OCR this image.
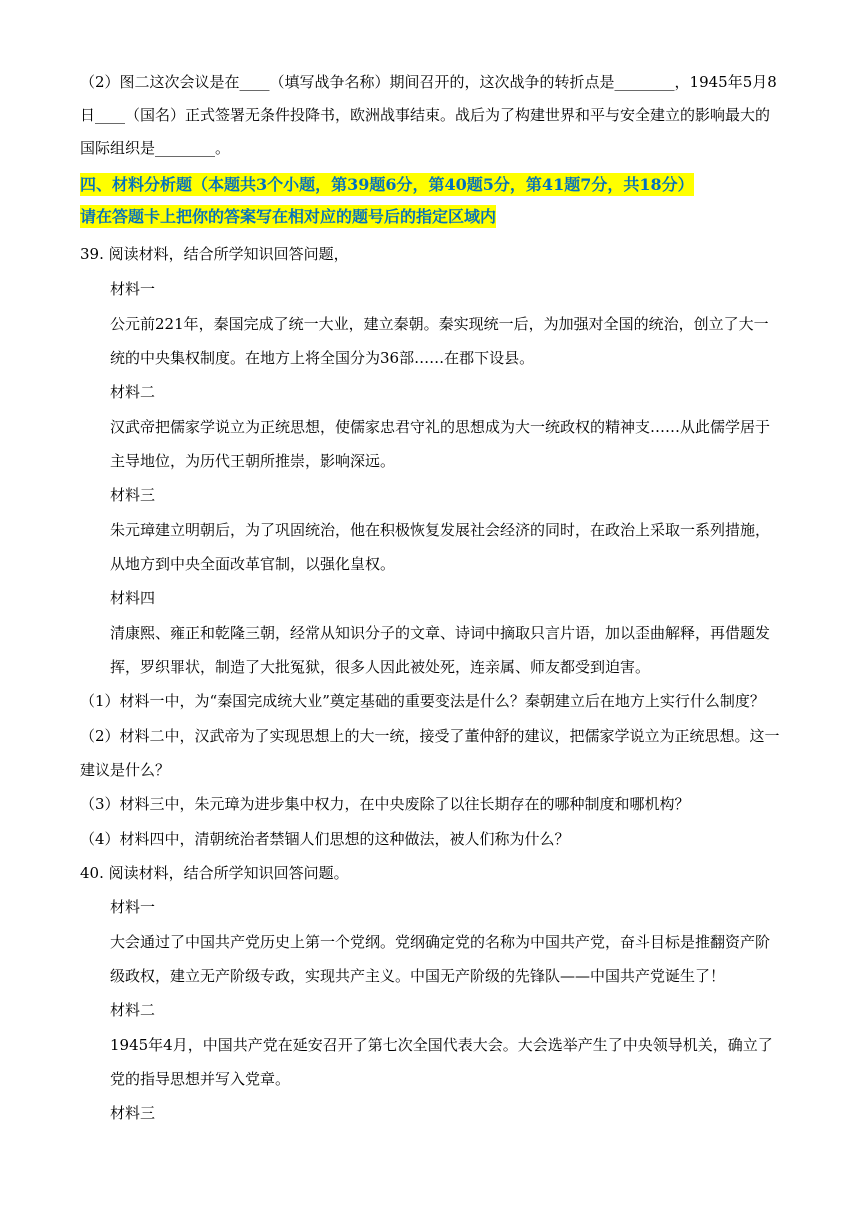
（2）图二这次会议是在____（填写战争名称）期间召开的，这次战争的转折点是________，1945年5月8
日____（国名）正式签署无条件投降书，欧洲战事结束。战后为了构建世界和平与安全建立的影响最大的
国际组织是________。
四、材料分析题（本题共3个小题，第39题6分，第40题5分，第41题7分，共18分）
请在答题卡上把你的答案写在相对应的题号后的指定区域内
39. 阅读材料，结合所学知识回答问题，
材料一
公元前221年，秦国完成了统一大业，建立秦朝。秦实现统一后，为加强对全国的统治，创立了大一
统的中央集权制度。在地方上将全国分为36部……在郡下设县。
材料二
汉武帝把儒家学说立为正统思想，使儒家忠君守礼的思想成为大一统政权的精神支……从此儒学居于
主导地位，为历代王朝所推崇，影响深远。
材料三
朱元璋建立明朝后，为了巩固统治，他在积极恢复发展社会经济的同时，在政治上采取一系列措施，
从地方到中央全面改革官制，以强化皇权。
材料四
清康熙、雍正和乾隆三朝，经常从知识分子的文章、诗词中摘取只言片语，加以歪曲解释，再借题发
挥，罗织罪状，制造了大批冤狱，很多人因此被处死，连亲属、师友都受到迫害。
（1）材料一中，为“秦国完成统大业”奠定基础的重要变法是什么？秦朝建立后在地方上实行什么制度？
（2）材料二中，汉武帝为了实现思想上的大一统，接受了董仲舒的建议，把儒家学说立为正统思想。这一
建议是什么？
（3）材料三中，朱元璋为进步集中权力，在中央废除了以往长期存在的哪种制度和哪机构？
（4）材料四中，清朝统治者禁锢人们思想的这种做法，被人们称为什么？
40. 阅读材料，结合所学知识回答问题。
材料一
大会通过了中国共产党历史上第一个党纲。党纲确定党的名称为中国共产党，奋斗目标是推翻资产阶
级政权，建立无产阶级专政，实现共产主义。中国无产阶级的先锋队——中国共产党诞生了！
材料二
1945年4月，中国共产党在延安召开了第七次全国代表大会。大会选举产生了中央领导机关，确立了
党的指导思想并写入党章。
材料三
